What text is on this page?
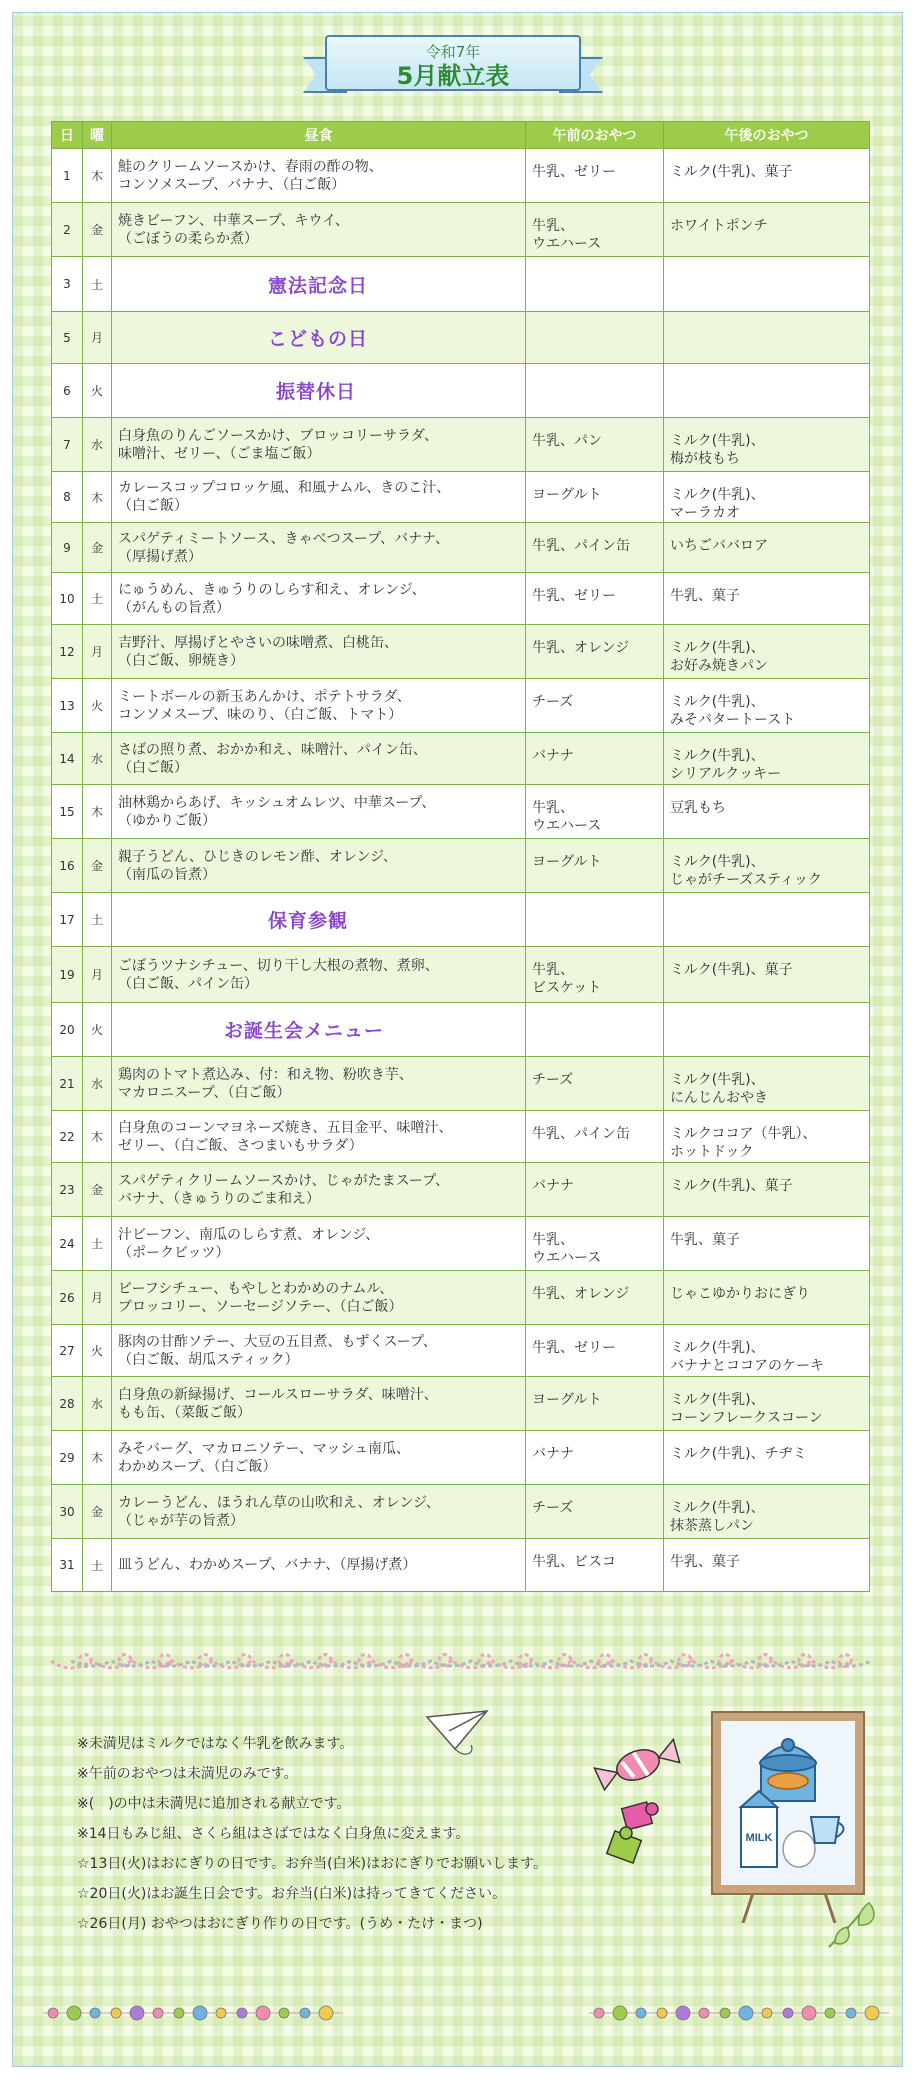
令和7年
5月献立表
日	曜	昼食	午前のおやつ	午後のおやつ
1	木	鮭のクリームソースかけ、春雨の酢の物、
コンソメスープ、バナナ、（白ご飯）	牛乳、ゼリー	ミルク(牛乳)、菓子
2	金	焼きビーフン、中華スープ、キウイ、
（ごぼうの柔らか煮）	牛乳、
ウエハース	ホワイトポンチ
3	土	憲法記念日		

5	月	こどもの日		

6	火	振替休日		

7	水	白身魚のりんごソースかけ、ブロッコリーサラダ、
味噌汁、ゼリー、（ごま塩ご飯）	牛乳、パン	ミルク(牛乳)、
梅が枝もち
8	木	カレースコップコロッケ風、和風ナムル、きのこ汁、
（白ご飯）	ヨーグルト	ミルク(牛乳)、
マーラカオ
9	金	スパゲティミートソース、きゃべつスープ、バナナ、
（厚揚げ煮）	牛乳、パイン缶	いちごババロア
10	土	にゅうめん、きゅうりのしらす和え、オレンジ、
（がんもの旨煮）	牛乳、ゼリー	牛乳、菓子
12	月	吉野汁、厚揚げとやさいの味噌煮、白桃缶、
（白ご飯、卵焼き）	牛乳、オレンジ	ミルク(牛乳)、
お好み焼きパン
13	火	ミートボールの新玉あんかけ、ポテトサラダ、
コンソメスープ、味のり、（白ご飯、トマト）	チーズ	ミルク(牛乳)、
みそバタートースト
14	水	さばの照り煮、おかか和え、味噌汁、パイン缶、
（白ご飯）	バナナ	ミルク(牛乳)、
シリアルクッキー
15	木	油林鶏からあげ、キッシュオムレツ、中華スープ、
（ゆかりご飯）	牛乳、
ウエハース	豆乳もち
16	金	親子うどん、ひじきのレモン酢、オレンジ、
（南瓜の旨煮）	ヨーグルト	ミルク(牛乳)、
じゃがチーズスティック
17	土	保育参観		

19	月	ごぼうツナシチュー、切り干し大根の煮物、煮卵、
（白ご飯、パイン缶）	牛乳、
ビスケット	ミルク(牛乳)、菓子
20	火	お誕生会メニュー		

21	水	鶏肉のトマト煮込み、付：和え物、粉吹き芋、
マカロニスープ、（白ご飯）	チーズ	ミルク(牛乳)、
にんじんおやき
22	木	白身魚のコーンマヨネーズ焼き、五目金平、味噌汁、
ゼリー、（白ご飯、さつまいもサラダ）	牛乳、パイン缶	ミルクココア（牛乳）、
ホットドック
23	金	スパゲティクリームソースかけ、じゃがたまスープ、
バナナ、（きゅうりのごま和え）	バナナ	ミルク(牛乳)、菓子
24	土	汁ビーフン、南瓜のしらす煮、オレンジ、
（ポークビッツ）	牛乳、
ウエハース	牛乳、菓子
26	月	ビーフシチュー、もやしとわかめのナムル、
ブロッコリー、ソーセージソテー、（白ご飯）	牛乳、オレンジ	じゃこゆかりおにぎり
27	火	豚肉の甘酢ソテー、大豆の五目煮、もずくスープ、
（白ご飯、胡瓜スティック）	牛乳、ゼリー	ミルク(牛乳)、
バナナとココアのケーキ
28	水	白身魚の新緑揚げ、コールスローサラダ、味噌汁、
もも缶、（菜飯ご飯）	ヨーグルト	ミルク(牛乳)、
コーンフレークスコーン
29	木	みそバーグ、マカロニソテー、マッシュ南瓜、
わかめスープ、（白ご飯）	バナナ	ミルク(牛乳)、チヂミ
30	金	カレーうどん、ほうれん草の山吹和え、オレンジ、
（じゃが芋の旨煮）	チーズ	ミルク(牛乳)、
抹茶蒸しパン
31	土	皿うどん、わかめスープ、バナナ、（厚揚げ煮）	牛乳、ビスコ	牛乳、菓子
※未満児はミルクではなく牛乳を飲みます。
※午前のおやつは未満児のみです。
※(　)の中は未満児に追加される献立です。
※14日もみじ組、さくら組はさばではなく白身魚に変えます。
☆13日(火)はおにぎりの日です。お弁当(白米)はおにぎりでお願いします。
☆20日(火)はお誕生日会です。お弁当(白米)は持ってきてください。
☆26日(月) おやつはおにぎり作りの日です。(うめ・たけ・まつ)
MILK
